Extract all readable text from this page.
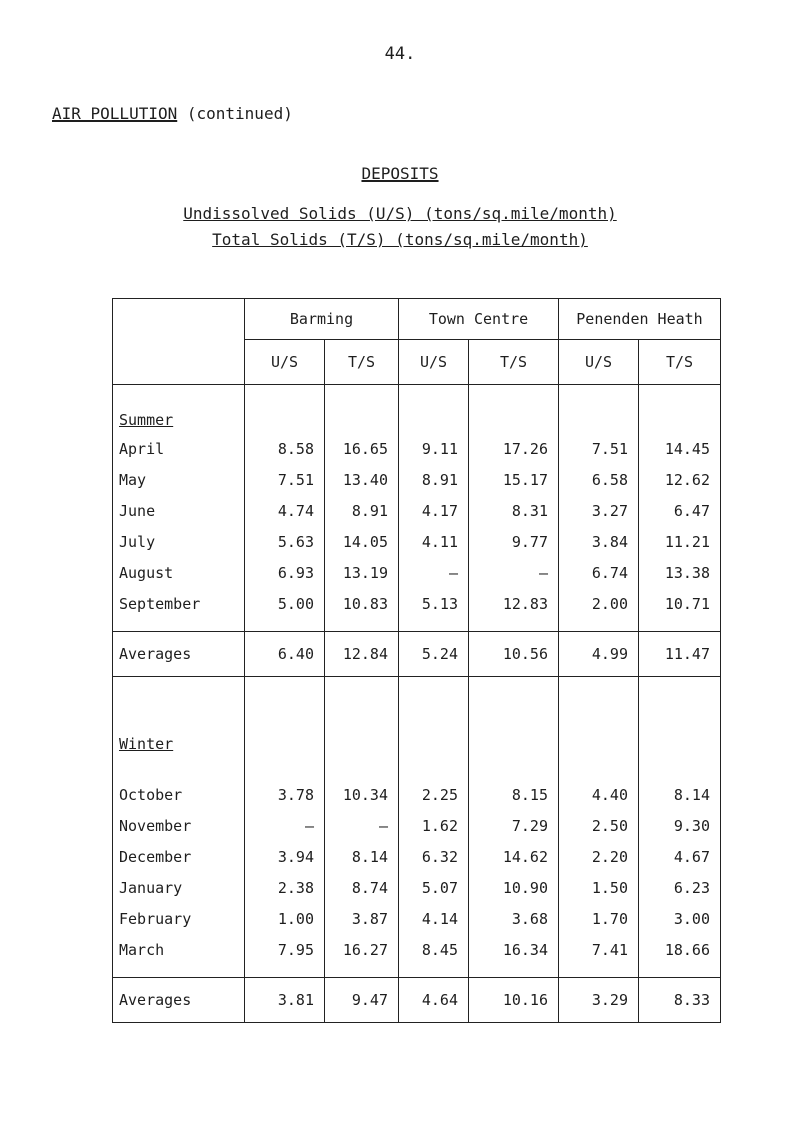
44.
AIR POLLUTION (continued)
DEPOSITS
Undissolved Solids (U/S) (tons/sq.mile/month)
Total Solids (T/S) (tons/sq.mile/month)
	Barming		Town Centre		Penenden Heath	
	U/S	T/S	U/S	T/S	U/S	T/S
Summer						
April	8.58	16.65	9.11	17.26	7.51	14.45
May	7.51	13.40	8.91	15.17	6.58	12.62
June	4.74	8.91	4.17	8.31	3.27	6.47
July	5.63	14.05	4.11	9.77	3.84	11.21
August	6.93	13.19	–	–	6.74	13.38
September	5.00	10.83	5.13	12.83	2.00	10.71

Averages	6.40	12.84	5.24	10.56	4.99	11.47

Winter						

October	3.78	10.34	2.25	8.15	4.40	8.14
November	–	–	1.62	7.29	2.50	9.30
December	3.94	8.14	6.32	14.62	2.20	4.67
January	2.38	8.74	5.07	10.90	1.50	6.23
February	1.00	3.87	4.14	3.68	1.70	3.00
March	7.95	16.27	8.45	16.34	7.41	18.66

Averages	3.81	9.47	4.64	10.16	3.29	8.33
